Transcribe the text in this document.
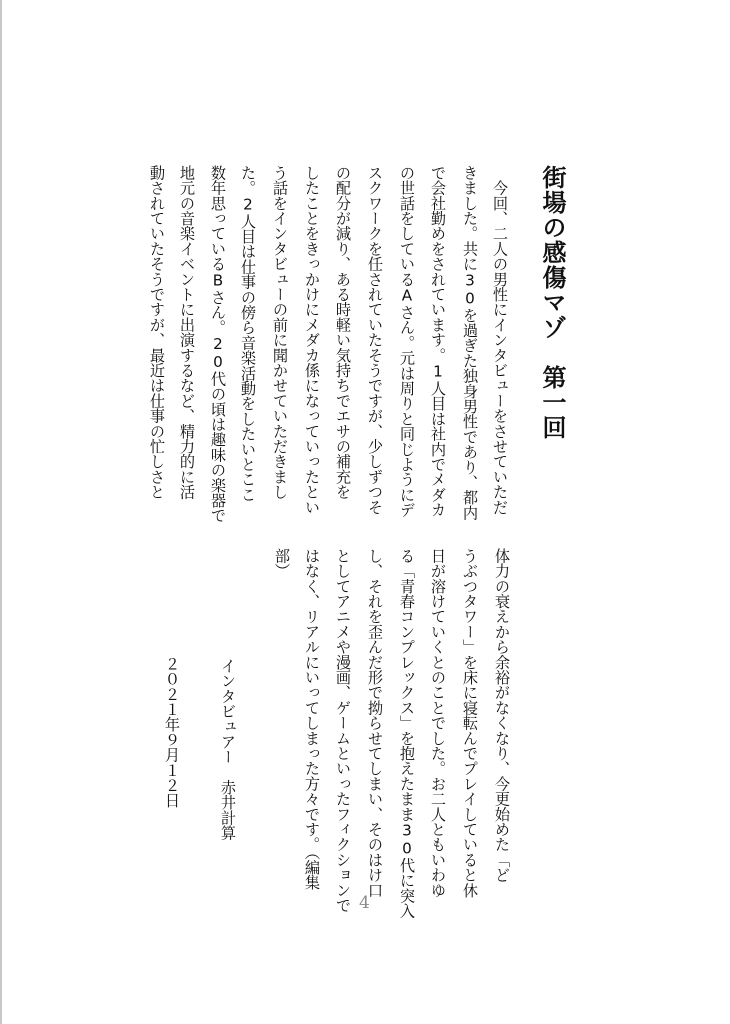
街場の感傷マゾ　第一回
　今回、二人の男性にインタビューをさせていただ
きました。共に30を過ぎた独身男性であり、都内
で会社勤めをされています。1人目は社内でメダカ
の世話をしているAさん。元は周りと同じようにデ
スクワークを任されていたそうですが、少しずつそ
の配分が減り、ある時軽い気持ちでエサの補充を
したことをきっかけにメダカ係になっていったとい
う話をインタビューの前に聞かせていただきまし
た。2人目は仕事の傍ら音楽活動をしたいとここ
数年思っているBさん。20代の頃は趣味の楽器で
地元の音楽イベントに出演するなど、精力的に活
動されていたそうですが、最近は仕事の忙しさと
体力の衰えから余裕がなくなり、今更始めた「ど
うぶつタワー」を床に寝転んでプレイしていると休
日が溶けていくとのことでした。お二人ともいわゆ
る「青春コンプレックス」を抱えたまま30代に突入
し、それを歪んだ形で拗らせてしまい、そのはけ口
としてアニメや漫画、ゲームといったフィクションで
はなく、リアルにいってしまった方々です。（編集
部）
インタビュアー　赤井計算
２０２１年９月１２日
4
